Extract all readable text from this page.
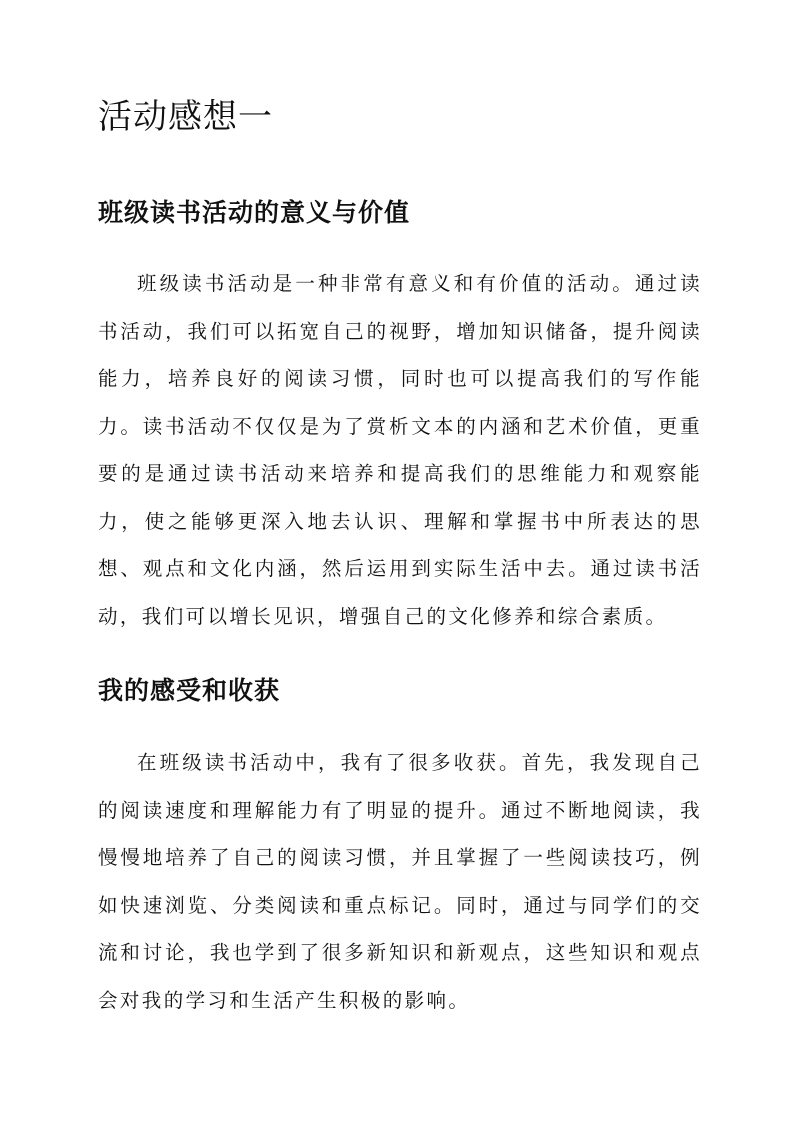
活动感想一
班级读书活动的意义与价值

班级读书活动是一种非常有意义和有价值的活动。通过读书活动，我们可以拓宽自己的视野，增加知识储备，提升阅读能力，培养良好的阅读习惯，同时也可以提高我们的写作能力。读书活动不仅仅是为了赏析文本的内涵和艺术价值，更重要的是通过读书活动来培养和提高我们的思维能力和观察能力，使之能够更深入地去认识、理解和掌握书中所表达的思想、观点和文化内涵，然后运用到实际生活中去。通过读书活动，我们可以增长见识，增强自己的文化修养和综合素质。

我的感受和收获

在班级读书活动中，我有了很多收获。首先，我发现自己的阅读速度和理解能力有了明显的提升。通过不断地阅读，我慢慢地培养了自己的阅读习惯，并且掌握了一些阅读技巧，例如快速浏览、分类阅读和重点标记。同时，通过与同学们的交流和讨论，我也学到了很多新知识和新观点，这些知识和观点会对我的学习和生活产生积极的影响。
